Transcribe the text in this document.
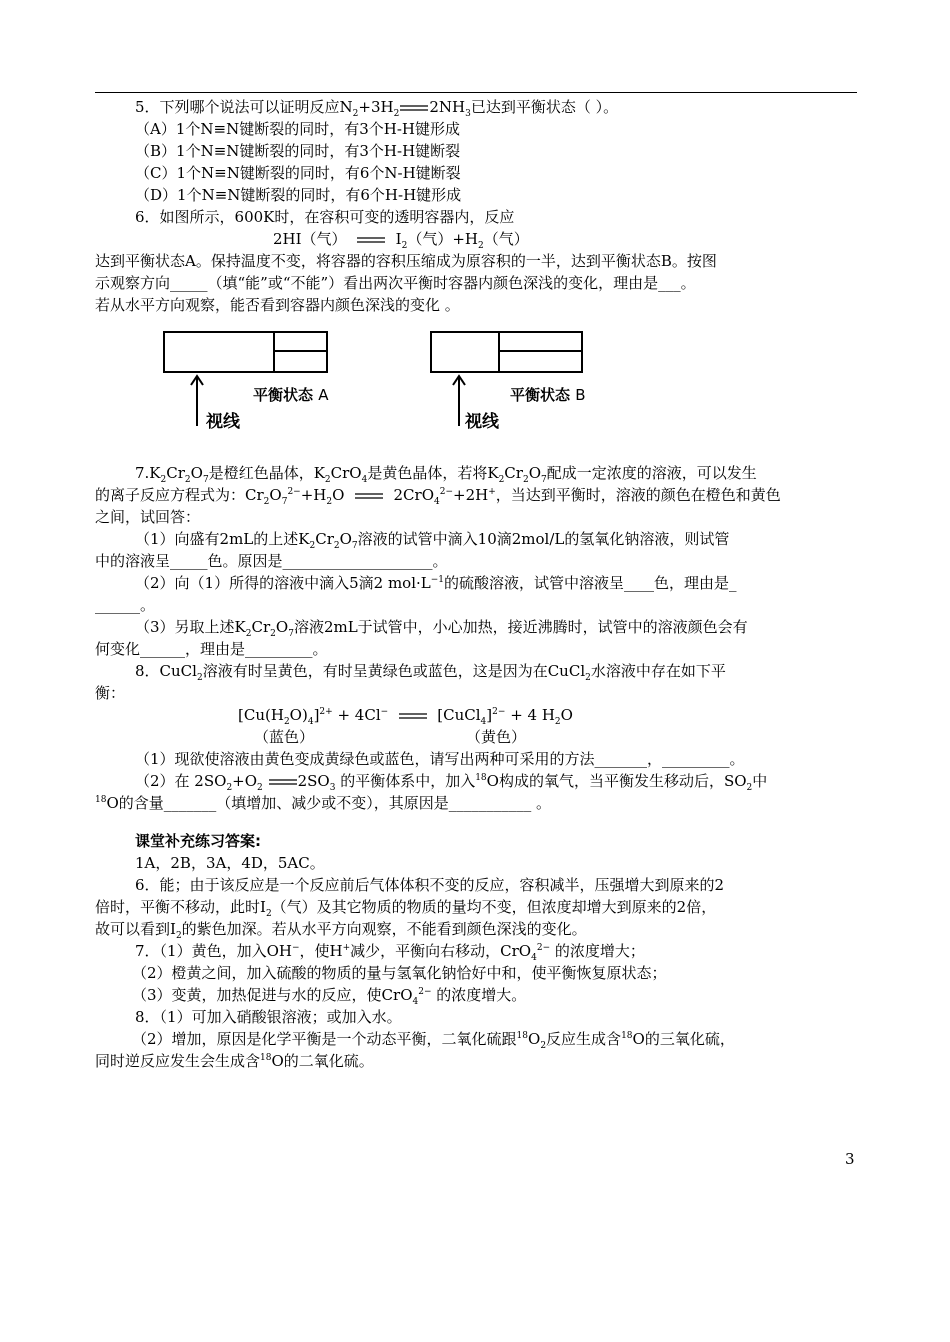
5．下列哪个说法可以证明反应$N_2+3H_2$ $2NH_3$已达到平衡状态（ ）。
（A）1个N≡N键断裂的同时，有3个H-H键形成
（B）1个N≡N键断裂的同时，有3个H-H键断裂
（C）1个N≡N键断裂的同时，有6个N-H键断裂
（D）1个N≡N键断裂的同时，有6个H-H键形成
6．如图所示，600K时，在容积可变的透明容器内，反应
2HI（气）	$I_2$（气）$+H_2$（气）
达到平衡状态A。保持温度不变，将容器的容积压缩成为原容积的一半，达到平衡状态B。按图
示观察方向_____（填“能”或“不能”）看出两次平衡时容器内颜色深浅的变化，理由是___。
若从水平方向观察，能否看到容器内颜色深浅的变化 。
平衡状态 A
视线
平衡状态 B
视线
$7.K_2Cr_2O_7$是橙红色晶体，$K_2CrO_4$是黄色晶体，若将$K_2Cr_2O_7$配成一定浓度的溶液，可以发生
的离子反应方程式为：$Cr_2O_7^{2-}+H_2O$	2CrO$_4^{2-}$+2H+，当达到平衡时，溶液的颜色在橙色和黄色
之间，试回答：
（1）向盛有2mL的上述$K_2Cr_2O_7$溶液的试管中滴入10滴2mol/L的氢氧化钠溶液，则试管
中的溶液呈_____色。原因是____________________。
（2）向（1）所得的溶液中滴入5滴2 $mol\cdot L^{-1}$的硫酸溶液，试管中溶液呈____色，理由是_
______。
（3）另取上述$K_2Cr_2O_7$溶液2mL于试管中，小心加热，接近沸腾时，试管中的溶液颜色会有
何变化______，理由是_________。
8．CuCl$_2$溶液有时呈黄色，有时呈黄绿色或蓝色，这是因为在CuCl$_2$水溶液中存在如下平
衡：
$[Cu(H_2O)_4]^{2+} + 4Cl^-$	[CuCl$_4$]$^{2-}$ + 4 $H_2O$
（蓝色）	（黄色）
（1）现欲使溶液由黄色变成黄绿色或蓝色，请写出两种可采用的方法_______，_________。
（2）在 $2SO_2+O_2$ $2SO_3$ 的平衡体系中，加入$^{18}$O构成的氧气，当平衡发生移动后，$SO_2$中
$^{18}$O的含量_______（填增加、减少或不变），其原因是___________ 。
课堂补充练习答案:
1A，2B，3A，4D，5AC。
6．能；由于该反应是一个反应前后气体体积不变的反应，容积减半，压强增大到原来的2
倍时，平衡不移动，此时$I_2$（气）及其它物质的物质的量均不变，但浓度却增大到原来的2倍，
故可以看到$I_2$的紫色加深。若从水平方向观察，不能看到颜色深浅的变化。
7．（1）黄色，加入OH−，使H+减少，平衡向右移动，CrO$_4^{2-}$ 的浓度增大；
（2）橙黄之间，加入硫酸的物质的量与氢氧化钠恰好中和，使平衡恢复原状态；
（3）变黄，加热促进与水的反应，使CrO$_4^{2-}$ 的浓度增大。
8．（1）可加入硝酸银溶液；或加入水。
（2）增加，原因是化学平衡是一个动态平衡，二氧化硫跟$^{18}O_2$反应生成含$^{18}$O的三氧化硫，
同时逆反应发生会生成含$^{18}$O的二氧化硫。
3
